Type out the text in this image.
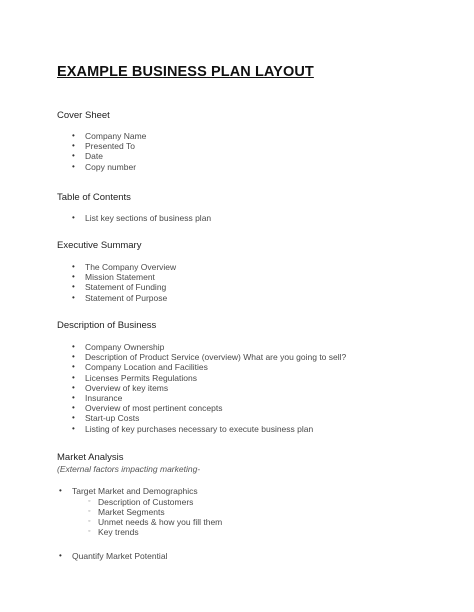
EXAMPLE BUSINESS PLAN LAYOUT
Cover Sheet
• Company Name
• Presented To
• Date
• Copy number
Table of Contents
• List key sections of business plan
Executive Summary
• The Company Overview
• Mission Statement
• Statement of Funding
• Statement of Purpose
Description of Business
• Company Ownership
• Description of Product Service (overview) What are you going to sell?
• Company Location and Facilities
• Licenses Permits Regulations
• Overview of key items
• Insurance
• Overview of most pertinent concepts
• Start-up Costs
• Listing of key purchases necessary to execute business plan
Market Analysis
(External factors impacting marketing-
• Target Market and Demographics
◦ Description of Customers
◦ Market Segments
◦ Unmet needs & how you fill them
◦ Key trends
• Quantify Market Potential
